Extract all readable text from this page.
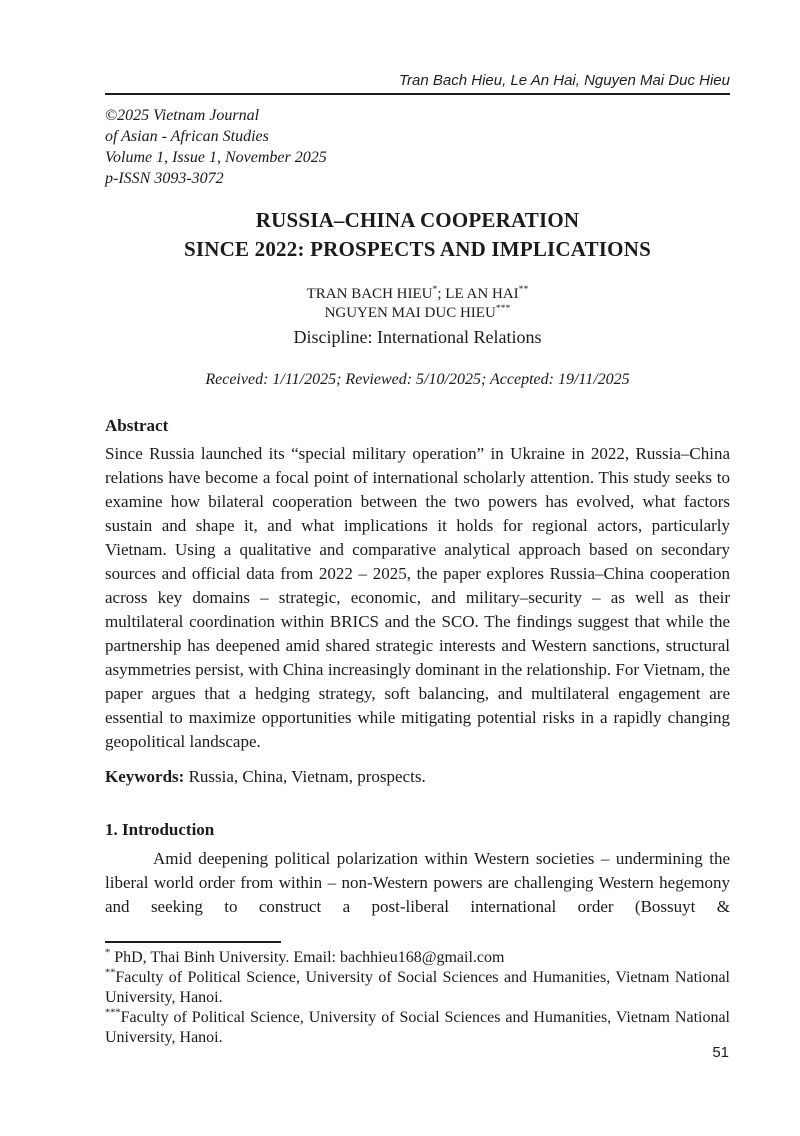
Tran Bach Hieu, Le An Hai, Nguyen Mai Duc Hieu
©2025 Vietnam Journal
of Asian - African Studies
Volume 1, Issue 1, November 2025
p-ISSN 3093-3072
RUSSIA–CHINA COOPERATION
SINCE 2022: PROSPECTS AND IMPLICATIONS
TRAN BACH HIEU*; LE AN HAI**
NGUYEN MAI DUC HIEU***
Discipline: International Relations
Received: 1/11/2025; Reviewed: 5/10/2025; Accepted: 19/11/2025
Abstract
Since Russia launched its “special military operation” in Ukraine in 2022, Russia–China relations have become a focal point of international scholarly attention. This study seeks to examine how bilateral cooperation between the two powers has evolved, what factors sustain and shape it, and what implications it holds for regional actors, particularly Vietnam. Using a qualitative and comparative analytical approach based on secondary sources and official data from 2022 – 2025, the paper explores Russia–China cooperation across key domains – strategic, economic, and military–security – as well as their multilateral coordination within BRICS and the SCO. The findings suggest that while the partnership has deepened amid shared strategic interests and Western sanctions, structural asymmetries persist, with China increasingly dominant in the relationship. For Vietnam, the paper argues that a hedging strategy, soft balancing, and multilateral engagement are essential to maximize opportunities while mitigating potential risks in a rapidly changing geopolitical landscape.
Keywords: Russia, China, Vietnam, prospects.
1. Introduction
Amid deepening political polarization within Western societies – undermining the liberal world order from within – non-Western powers are challenging Western hegemony and seeking to construct a post-liberal international order (Bossuyt &
* PhD, Thai Binh University. Email: bachhieu168@gmail.com
**Faculty of Political Science, University of Social Sciences and Humanities, Vietnam National University, Hanoi.
***Faculty of Political Science, University of Social Sciences and Humanities, Vietnam National University, Hanoi.
51
